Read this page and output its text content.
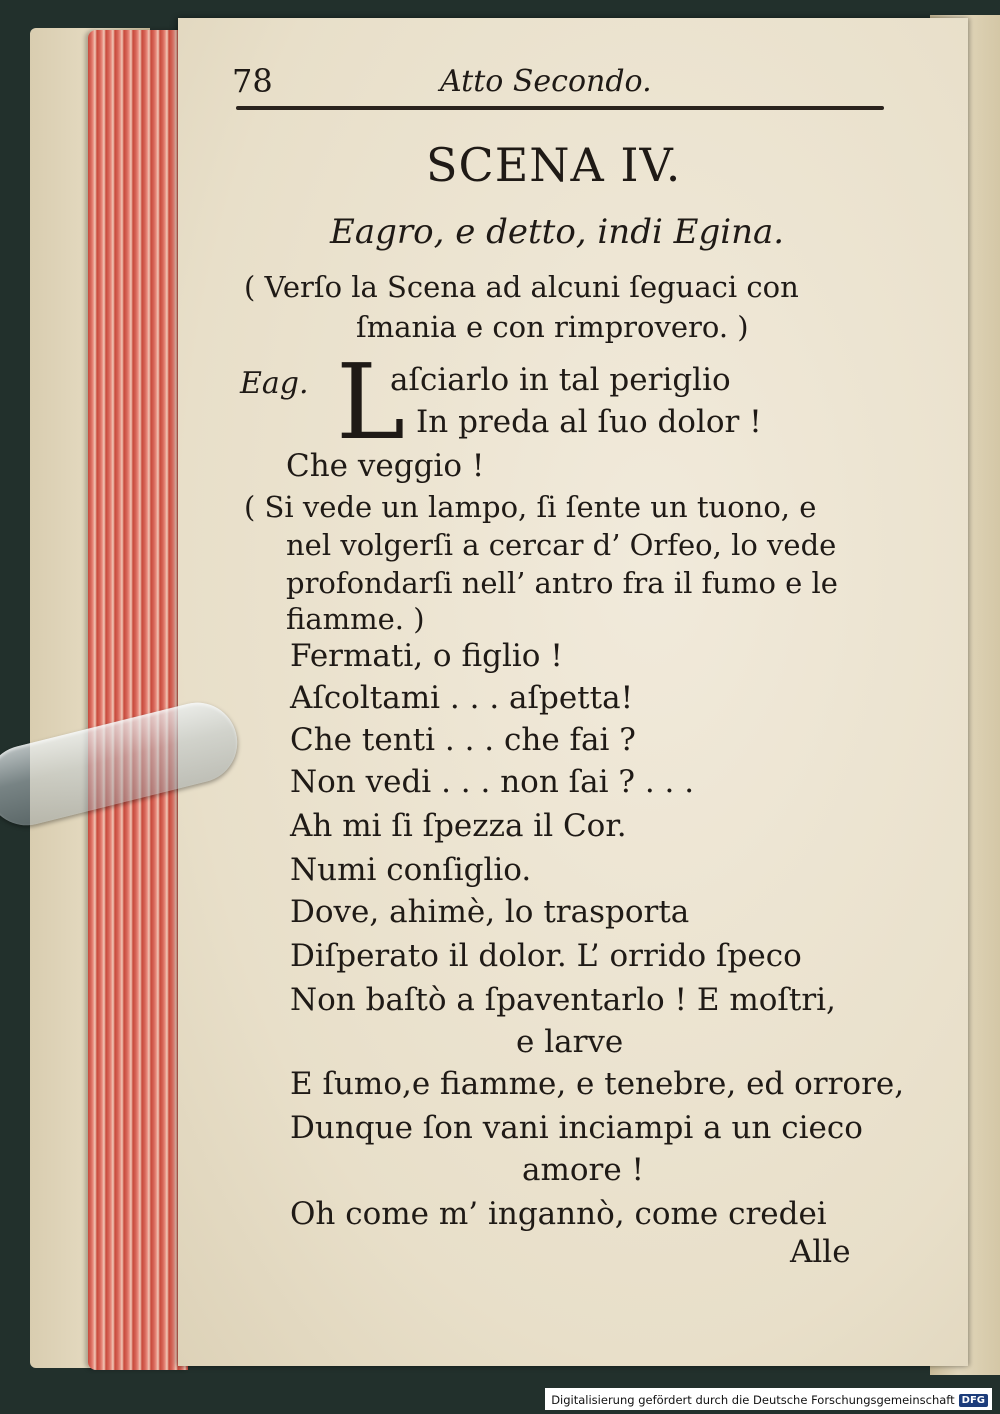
78	Atto Secondo.
SCENA IV.
Eagro, e detto, indi Egina.
( Verſo la Scena ad alcuni ſeguaci con
ſmania e con rimprovero. )
Eag. L
aſciarlo in tal periglio
In preda al ſuo dolor !
Che veggio !
( Si vede un lampo, ſi ſente un tuono, e
nel volgerſi a cercar d’ Orfeo, lo vede
profondarſi nell’ antro fra il fumo e le
fiamme. )
Fermati, o figlio !
Aſcoltami . . . aſpetta!
Che tenti . . . che fai ?
Non vedi . . . non ſai ? . . .
Ah mi ſi ſpezza il Cor.
Numi conſiglio.
Dove, ahimè, lo trasporta
Diſperato il dolor. L’ orrido ſpeco
Non baſtò a ſpaventarlo ! E moſtri,
e larve
E ſumo,e fiamme, e tenebre, ed orrore,
Dunque ſon vani inciampi a un cieco
amore !
Oh come m’ ingannò, come credei
Alle
Digitalisierung gefördert durch die Deutsche Forschungsgemeinschaft DFG
